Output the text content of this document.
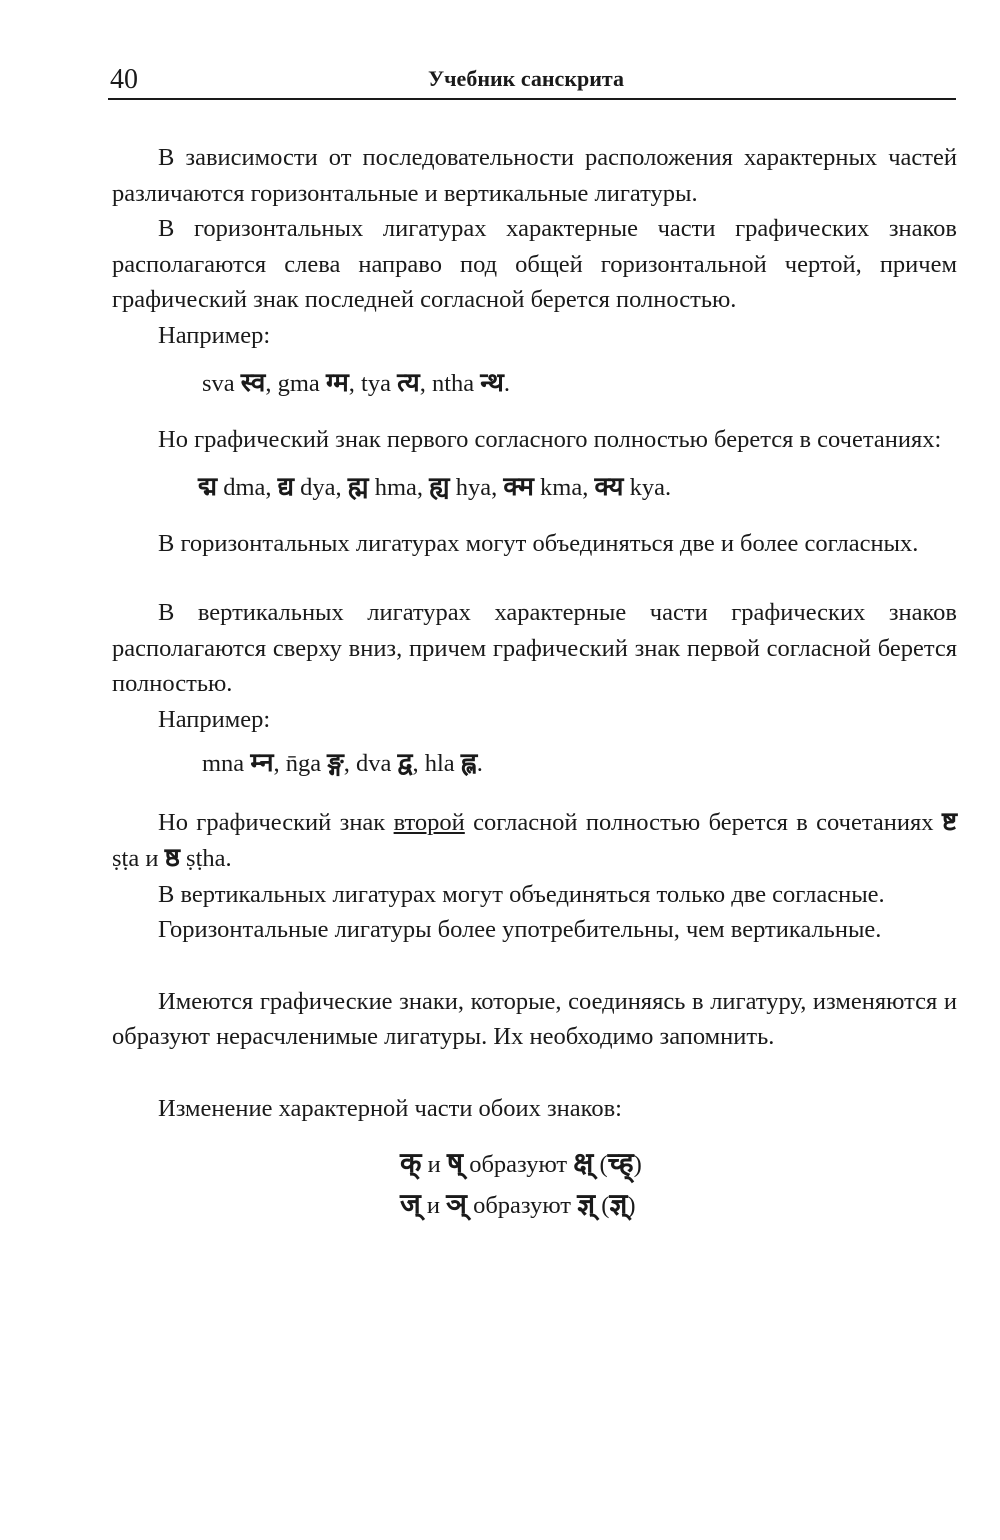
40	Учебник санскрита

В зависимости от последовательности расположения характерных частей различаются горизонтальные и вертикальные лигатуры.

В горизонтальных лигатурах характерные части графических знаков располагаются слева направо под общей горизонтальной чертой, причем графический знак последней согласной берется полностью.

Например:

sva स्व, gma ग्म, tya त्य, ntha न्थ.

Но графический знак первого согласного полностью берется в сочетаниях:

द्म dma, द्य dya, ह्म hma, ह्य hya, क्म kma, क्य kya.

В горизонтальных лигатурах могут объединяться две и более согласных.

В вертикальных лигатурах характерные части графических знаков располагаются сверху вниз, причем графический знак первой согласной берется полностью.

Например:

mna म्न, n̄ga ङ्ग, dva द्व, hla ह्ल.

Но графический знак второй согласной полностью берется в сочетаниях ष्ट ṣṭa и ष्ठ ṣṭha.

В вертикальных лигатурах могут объединяться только две согласные.

Горизонтальные лигатуры более употребительны, чем вертикальные.

Имеются графические знаки, которые, соединяясь в лигатуру, изменяются и образуют нерасчленимые лигатуры. Их необходимо запомнить.

Изменение характерной части обоих знаков:

क् и ष् образуют क्ष् (च्ह्)
ज् и ञ् образуют ज्ञ् (ज्ञ्)
